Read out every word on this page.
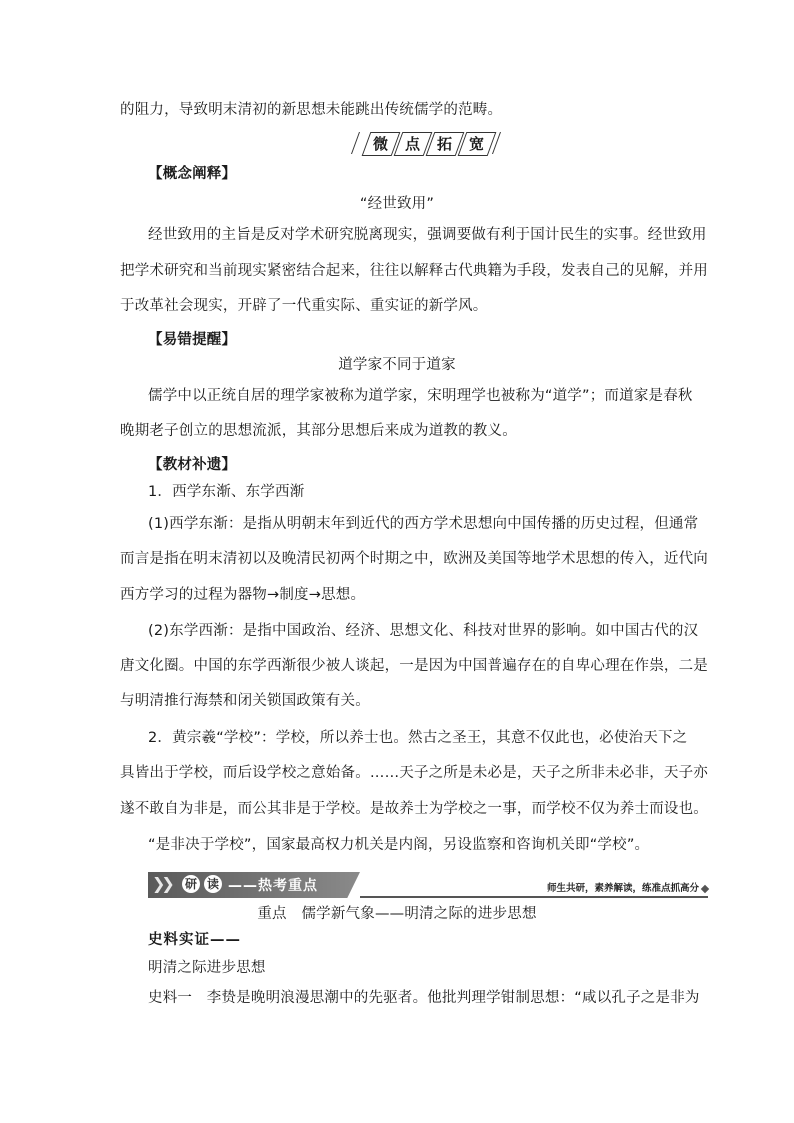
的阻力，导致明末清初的新思想未能跳出传统儒学的范畴。
微	点	拓	宽
【概念阐释】
“经世致用”
经世致用的主旨是反对学术研究脱离现实，强调要做有利于国计民生的实事。经世致用
把学术研究和当前现实紧密结合起来，往往以解释古代典籍为手段，发表自己的见解，并用
于改革社会现实，开辟了一代重实际、重实证的新学风。
【易错提醒】
道学家不同于道家
儒学中以正统自居的理学家被称为道学家，宋明理学也被称为“道学”；而道家是春秋
晚期老子创立的思想流派，其部分思想后来成为道教的教义。
【教材补遗】
1．西学东渐、东学西渐
(1)西学东渐：是指从明朝末年到近代的西方学术思想向中国传播的历史过程，但通常
而言是指在明末清初以及晚清民初两个时期之中，欧洲及美国等地学术思想的传入，近代向
西方学习的过程为器物→制度→思想。
(2)东学西渐：是指中国政治、经济、思想文化、科技对世界的影响。如中国古代的汉
唐文化圈。中国的东学西渐很少被人谈起，一是因为中国普遍存在的自卑心理在作祟，二是
与明清推行海禁和闭关锁国政策有关。
2．黄宗羲“学校”：学校，所以养士也。然古之圣王，其意不仅此也，必使治天下之
具皆出于学校，而后设学校之意始备。……天子之所是未必是，天子之所非未必非，天子亦
遂不敢自为非是，而公其非是于学校。是故养士为学校之一事，而学校不仅为养士而设也。
“是非决于学校”，国家最高权力机关是内阁，另设监察和咨询机关即“学校”。
❯❯ 研 读 ——热考重点	师生共研，素养解读，练准点抓高分
重点　儒学新气象——明清之际的进步思想
史料实证——
明清之际进步思想
史料一　李贽是晚明浪漫思潮中的先驱者。他批判理学钳制思想：“咸以孔子之是非为
